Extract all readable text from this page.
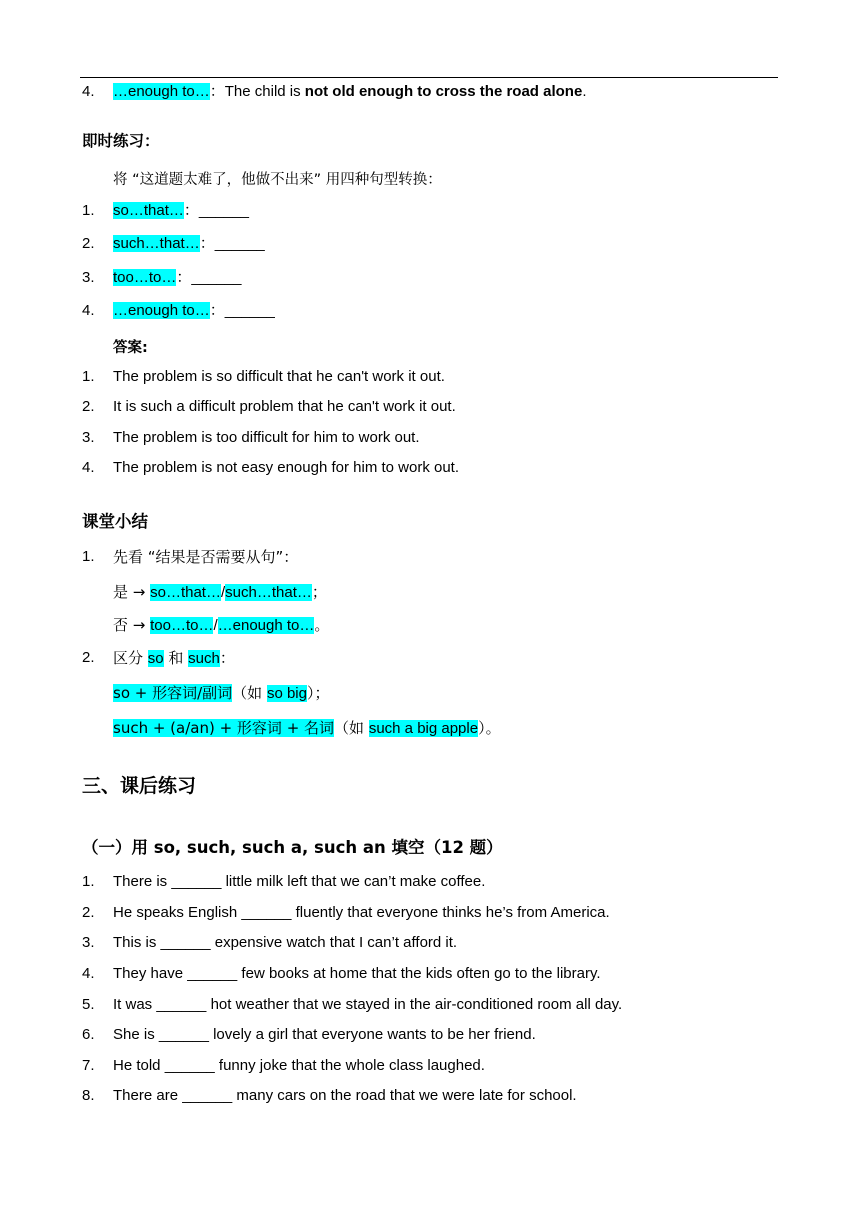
4.	…enough to…：The child is not old enough to cross the road alone.
即时练习：
将 “这道题太难了，他做不出来” 用四种句型转换：
1.	so…that…：______
2.	such…that…：______
3.	too…to…：______
4.	…enough to…：______
答案:
1.	The problem is so difficult that he can't work it out.
2.	It is such a difficult problem that he can't work it out.
3.	The problem is too difficult for him to work out.
4.	The problem is not easy enough for him to work out.
课堂小结
1.	先看 “结果是否需要从句”：
是 → so…that…/such…that…；
否 → too…to…/…enough to…。
2.	区分 so 和 such：
so + 形容词/副词（如 so big）；
such + (a/an) + 形容词 + 名词（如 such a big apple）。
三、课后练习
（一）用 so, such, such a, such an 填空（12 题）
1.	There is ______ little milk left that we can’t make coffee.
2.	He speaks English ______ fluently that everyone thinks he’s from America.
3.	This is ______ expensive watch that I can’t afford it.
4.	They have ______ few books at home that the kids often go to the library.
5.	It was ______ hot weather that we stayed in the air-conditioned room all day.
6.	She is ______ lovely a girl that everyone wants to be her friend.
7.	He told ______ funny joke that the whole class laughed.
8.	There are ______ many cars on the road that we were late for school.
